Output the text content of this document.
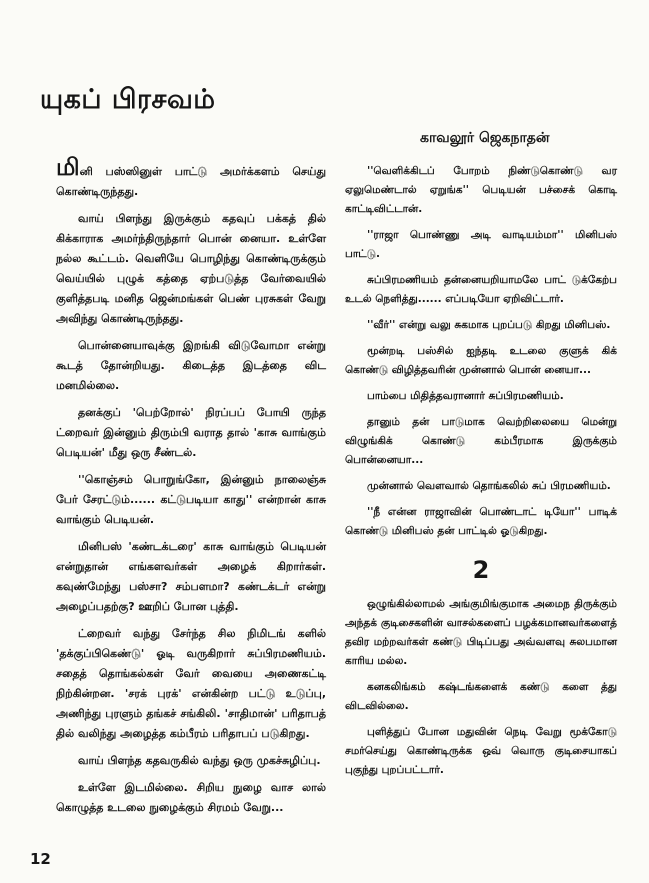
யுகப் பிரசவம்
காவலூர் ஜெகநாதன்

மினி பஸ்ஸினுள் பாட்டு அமர்க்களம் செய்து கொண்டிருந்தது.

வாய் பிளந்து இருக்கும் கதவுப் பக்கத் தில் கிக்காராக அமர்ந்திருந்தார் பொன் னையா. உள்ளே நல்ல கூட்டம். வெளியே பொழிந்து கொண்டிருக்கும் வெய்யில் புழுக் கத்தை ஏற்படுத்த வேர்வையில் குளித்தபடி மனித ஜென்மங்கள் பெண் புரசுகள் வேறு அவிந்து கொண்டிருந்தது.

பொன்னையாவுக்கு இறங்கி விடுவோமா என்று கூடத் தோன்றியது. கிடைத்த இடத்தை விட மனமில்லை.

தனக்குப் 'பெற்றோல்' நிரப்பப் போயி ருந்த ட்றைவர் இன்னும் திரும்பி வராத தால் 'காசு வாங்கும் பெடியன்' மீது ஒரு சீண்டல்.

''கொஞ்சம் பொறுங்கோ, இன்னும் நாலைஞ்சு பேர் சேரட்டும்...... கட்டுபடியா காது'' என்றான் காசு வாங்கும் பெடியன்.

மினிபஸ் 'கண்டக்டரை' காசு வாங்கும் பெடியன் என்றுதான் எங்களவர்கள் அழைக் கிறார்கள். கவுண்மேந்து பஸ்சா? சம்பளமா? கண்டக்டர் என்று அழைப்பதற்கு? ஊறிப் போன புத்தி.

ட்றைவர் வந்து சேர்ந்த சில நிமிடங் களில் 'தக்குப்பிகெண்டு' ஓடி வருகிறார் சுப்பிரமணியம். சதைத் தொங்கல்கள் வேர் வையை அணைகட்டி நிற்கின்றன. 'சரக் புரக்' என்கின்ற பட்டு உடுப்பு, அணிந்து புரளும் தங்கச் சங்கிலி. 'சாதிமான்' பரிதாபத் தில் வலிந்து அழைத்த கம்பீரம் பரிதாபப் படுகிறது.

வாய் பிளந்த கதவருகில் வந்து ஒரு முகச்சுழிப்பு.

உள்ளே இடமில்லை. சிறிய நுழை வாச லால் கொழுத்த உடலை நுழைக்கும் சிரமம் வேறு...

''வெளிக்கிடப் போறம் நிண்டுகொண்டு வர ஏலுமெண்டால் ஏறுங்க'' பெடியன் பச்சைக் கொடி காட்டிவிட்டான்.

''ராஜா பொண்ணு அடி வாடியம்மா'' மினிபஸ் பாட்டு.

சுப்பிரமணியம் தன்னையறியாமலே பாட் டுக்கேற்ப உடல் நெளித்து...... எப்படியோ ஏறிவிட்டார்.

''வீர்'' என்று வலு சுகமாக புறப்படு கிறது மினிபஸ்.

மூன்றடி பஸ்சில் ஐந்தடி உடலை குளுக் கிக் கொண்டு விழித்தவரின் முன்னால் பொன் னையா...

பாம்பை மிதித்தவரானார் சுப்பிரமணியம்.

தானும் தன் பாடுமாக வெற்றிலையை மென்று விழுங்கிக் கொண்டு கம்பீரமாக இருக்கும் பொன்னையா...

முன்னால் வௌவால் தொங்கலில் சுப் பிரமணியம்.

''நீ என்ன ராஜாவின் பொண்டாட் டியோ'' பாடிக் கொண்டு மினிபஸ் தன் பாட்டில் ஓடுகிறது.

2

ஒழுங்கில்லாமல் அங்குமிங்குமாக அமைந திருக்கும் அந்தக் குடிசைகளின் வாசல்களைப் பழக்கமானவர்களைத் தவிர மற்றவர்கள் கண்டு பிடிப்பது அவ்வளவு சுலபமான காரிய மல்ல.

கனகலிங்கம் கஷ்டங்களைக் கண்டு களை த்து விடவில்லை.

புளித்துப் போன மதுவின் நெடி வேறு மூக்கோடு சமர்செய்து கொண்டிருக்க ஒவ் வொரு குடிசையாகப் புகுந்து புறப்பட்டார்.

12
